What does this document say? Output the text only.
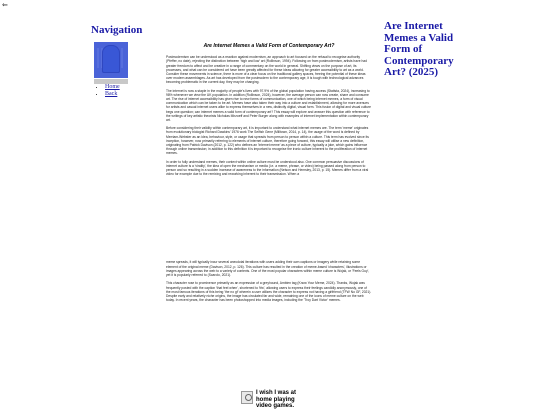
⇐
Navigation
• Home
• Back
Are Internet Memes a Valid Form of Contemporary Art? (2025)
Are Internet Memes a Valid Form of Contemporary Art?

Postmodernism can be understood as a reaction against modernism, an approach to art focused on the refusal to recognise authority (Pfeffer, no date), rejecting the distinction between 'high and low' art (Rollinson, 1994). Following on from postmodernism, artists have had greater freedom to affect and be creative in a range of commentary on the world in general. Shifting views on the purpose of art, its processes, and what can be considered art have been greatly affected for these ideas allowing for greater accessibility to art as a world. Consider these movements in science, there is more of a clear focus on the traditional gallery spaces, freeing the potential of these ideas over modern assemblages. As art has developed from the postmodern to the contemporary age, it is tough with technological advances becoming problematic in the current day, they may be changing.

The internet is now a staple in the majority of people's lives with 97.9% of the global population having access (Statista, 2024), increasing to 98% whenever we view the UK population. In addition (Rollinson, 2024), however, the average person can now create, share and consume art. The rise of internet accessibility has given rise to new forms of communication, one of which being internet memes, a form of visual communication which can be taken to be art. Memes have also taken their way into a culture and establishment, allowing for more avenues for artists and casual internet users alike to express themselves in a new, distinctly digital, visual form. This fusion of digital and visual culture begs one question; can internet memes a valid form of contemporary art? This essay will explore and answer this question with reference to the writings of key artistic theorists Nicholas Mirzoeff and Peter Burger along with examples of internet implementation within contemporary art.

Before considering their validity within contemporary art, it is important to understand what internet memes are. The term 'meme' originates from evolutionary biologist Richard Dawkins' 1976 work The Selfish Gene (Milltown, 2014, p. 14), the usage of the word is defined by Merriam-Webster as an idea, behaviour, style, or usage that spreads from person to person within a culture. This term has evolved since its inception, however, now primarily referring to elements of internet culture, therefore going forward, this essay will utilise a new definition, originating from Patrick Davison (2012, p. 122) who defines an 'internet meme' as a piece of culture, typically a joke, which gains influence through online transmission; in addition to this definition it is important to recognise the ironic culture inherent to the proliferation of internet memes.

In order to fully understand memes, their context within online culture must be understood also. One common persuasive discussions of internet culture is a 'virality', the idea of open the mechanism or media (i.e. a meme, phrase, or video) being passed along from person to person and so resulting in a sudden increase of awareness to the information (Nelson and Hemsley, 2013, p. 15). Memes differ from a viral video for example due to the remixing and reworking inherent to their transmission. When a

meme spreads, it will typically incur several anecdotal iterations with users adding their own captions or imagery while retaining some element of the original meme (Davison, 2012, p. 126). This culture has resulted in the creation of meme-based 'characters', illustrations or images appearing across the web to a variety of contexts. One of the most popular characters within meme culture is Wojak, or 'Feels Guy', yet it is popularly referred to (Scarolo, 2021).

This character rose to prominence primarily as an expression of a greyhound, Ambien tag (Know Your Meme, 2024). Thanks, Wojak was frequently posted with the caption 'that feel when', shortened to 'tfw', allowing users to express their feelings candidly anonymously, one of the most famous iterations of this being 'the no gf' wherein a user utilizes the character to express not having a girlfriend (TFW No GF, 2021). Despite early and relatively niche origins, the image has circulated far and wide, remaining one of the icons of meme culture on the web today. In recent years, the character has been photoshopped into media images, including the 'Troy Dart Victor' memes.

I wish I was at home playing video games.
